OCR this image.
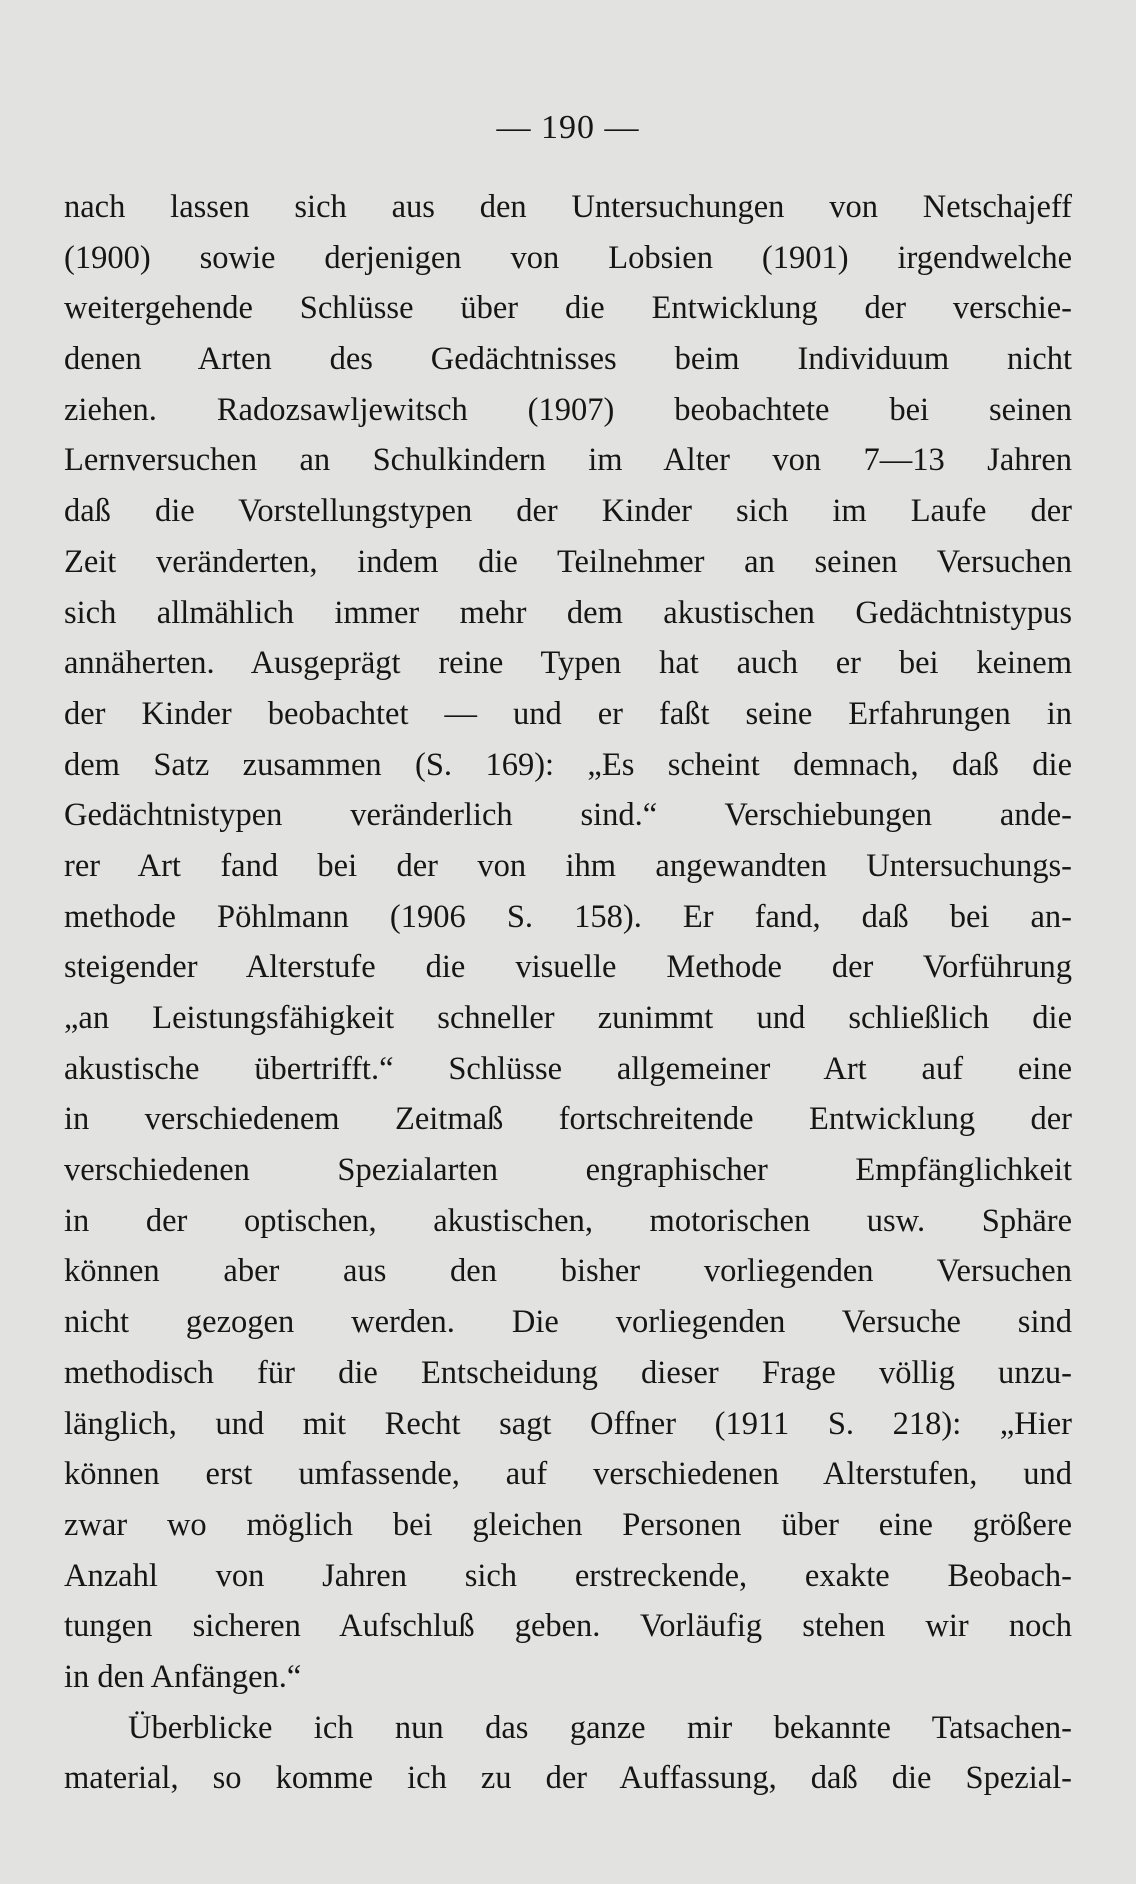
— 190 —
nach lassen sich aus den Untersuchungen von Netschajeff
(1900) sowie derjenigen von Lobsien (1901) irgendwelche
weitergehende Schlüsse über die Entwicklung der verschie-
denen Arten des Gedächtnisses beim Individuum nicht
ziehen. Radozsawljewitsch (1907) beobachtete bei seinen
Lernversuchen an Schulkindern im Alter von 7—13 Jahren
daß die Vorstellungstypen der Kinder sich im Laufe der
Zeit veränderten, indem die Teilnehmer an seinen Versuchen
sich allmählich immer mehr dem akustischen Gedächtnistypus
annäherten. Ausgeprägt reine Typen hat auch er bei keinem
der Kinder beobachtet — und er faßt seine Erfahrungen in
dem Satz zusammen (S. 169): „Es scheint demnach, daß die
Gedächtnistypen veränderlich sind.“ Verschiebungen ande-
rer Art fand bei der von ihm angewandten Untersuchungs-
methode Pöhlmann (1906 S. 158). Er fand, daß bei an-
steigender Alterstufe die visuelle Methode der Vorführung
„an Leistungsfähigkeit schneller zunimmt und schließlich die
akustische übertrifft.“ Schlüsse allgemeiner Art auf eine
in verschiedenem Zeitmaß fortschreitende Entwicklung der
verschiedenen Spezialarten engraphischer Empfänglichkeit
in der optischen, akustischen, motorischen usw. Sphäre
können aber aus den bisher vorliegenden Versuchen
nicht gezogen werden. Die vorliegenden Versuche sind
methodisch für die Entscheidung dieser Frage völlig unzu-
länglich, und mit Recht sagt Offner (1911 S. 218): „Hier
können erst umfassende, auf verschiedenen Alterstufen, und
zwar wo möglich bei gleichen Personen über eine größere
Anzahl von Jahren sich erstreckende, exakte Beobach-
tungen sicheren Aufschluß geben. Vorläufig stehen wir noch
in den Anfängen.“
Überblicke ich nun das ganze mir bekannte Tatsachen-
material, so komme ich zu der Auffassung, daß die Spezial-
